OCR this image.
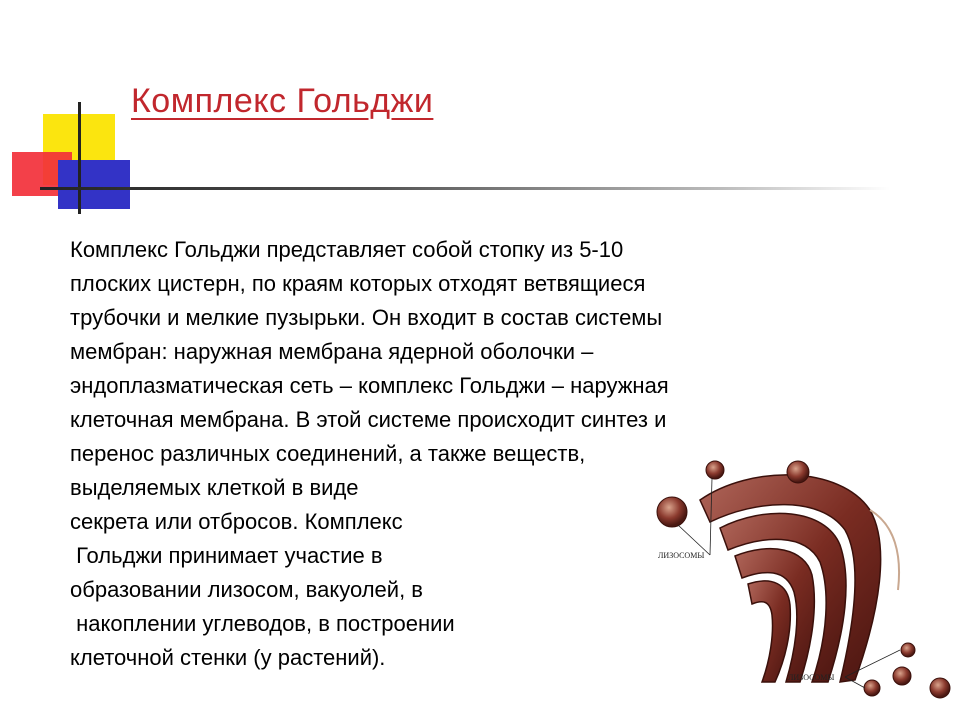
Комплекс Гольджи
Комплекс Гольджи представляет собой стопку из 5-10
плоских цистерн, по краям которых отходят ветвящиеся
трубочки и мелкие пузырьки. Он входит в состав системы
мембран: наружная мембрана ядерной оболочки –
эндоплазматическая сеть – комплекс Гольджи – наружная
клеточная мембрана. В этой системе происходит синтез и
перенос различных соединений, а также веществ,
выделяемых клеткой в виде
секрета или отбросов. Комплекс
Гольджи принимает участие в
образовании лизосом, вакуолей, в
накоплении углеводов, в построении
клеточной стенки (у растений).
ЛИЗОСОМЫ
ЛИЗОСОМЫ
